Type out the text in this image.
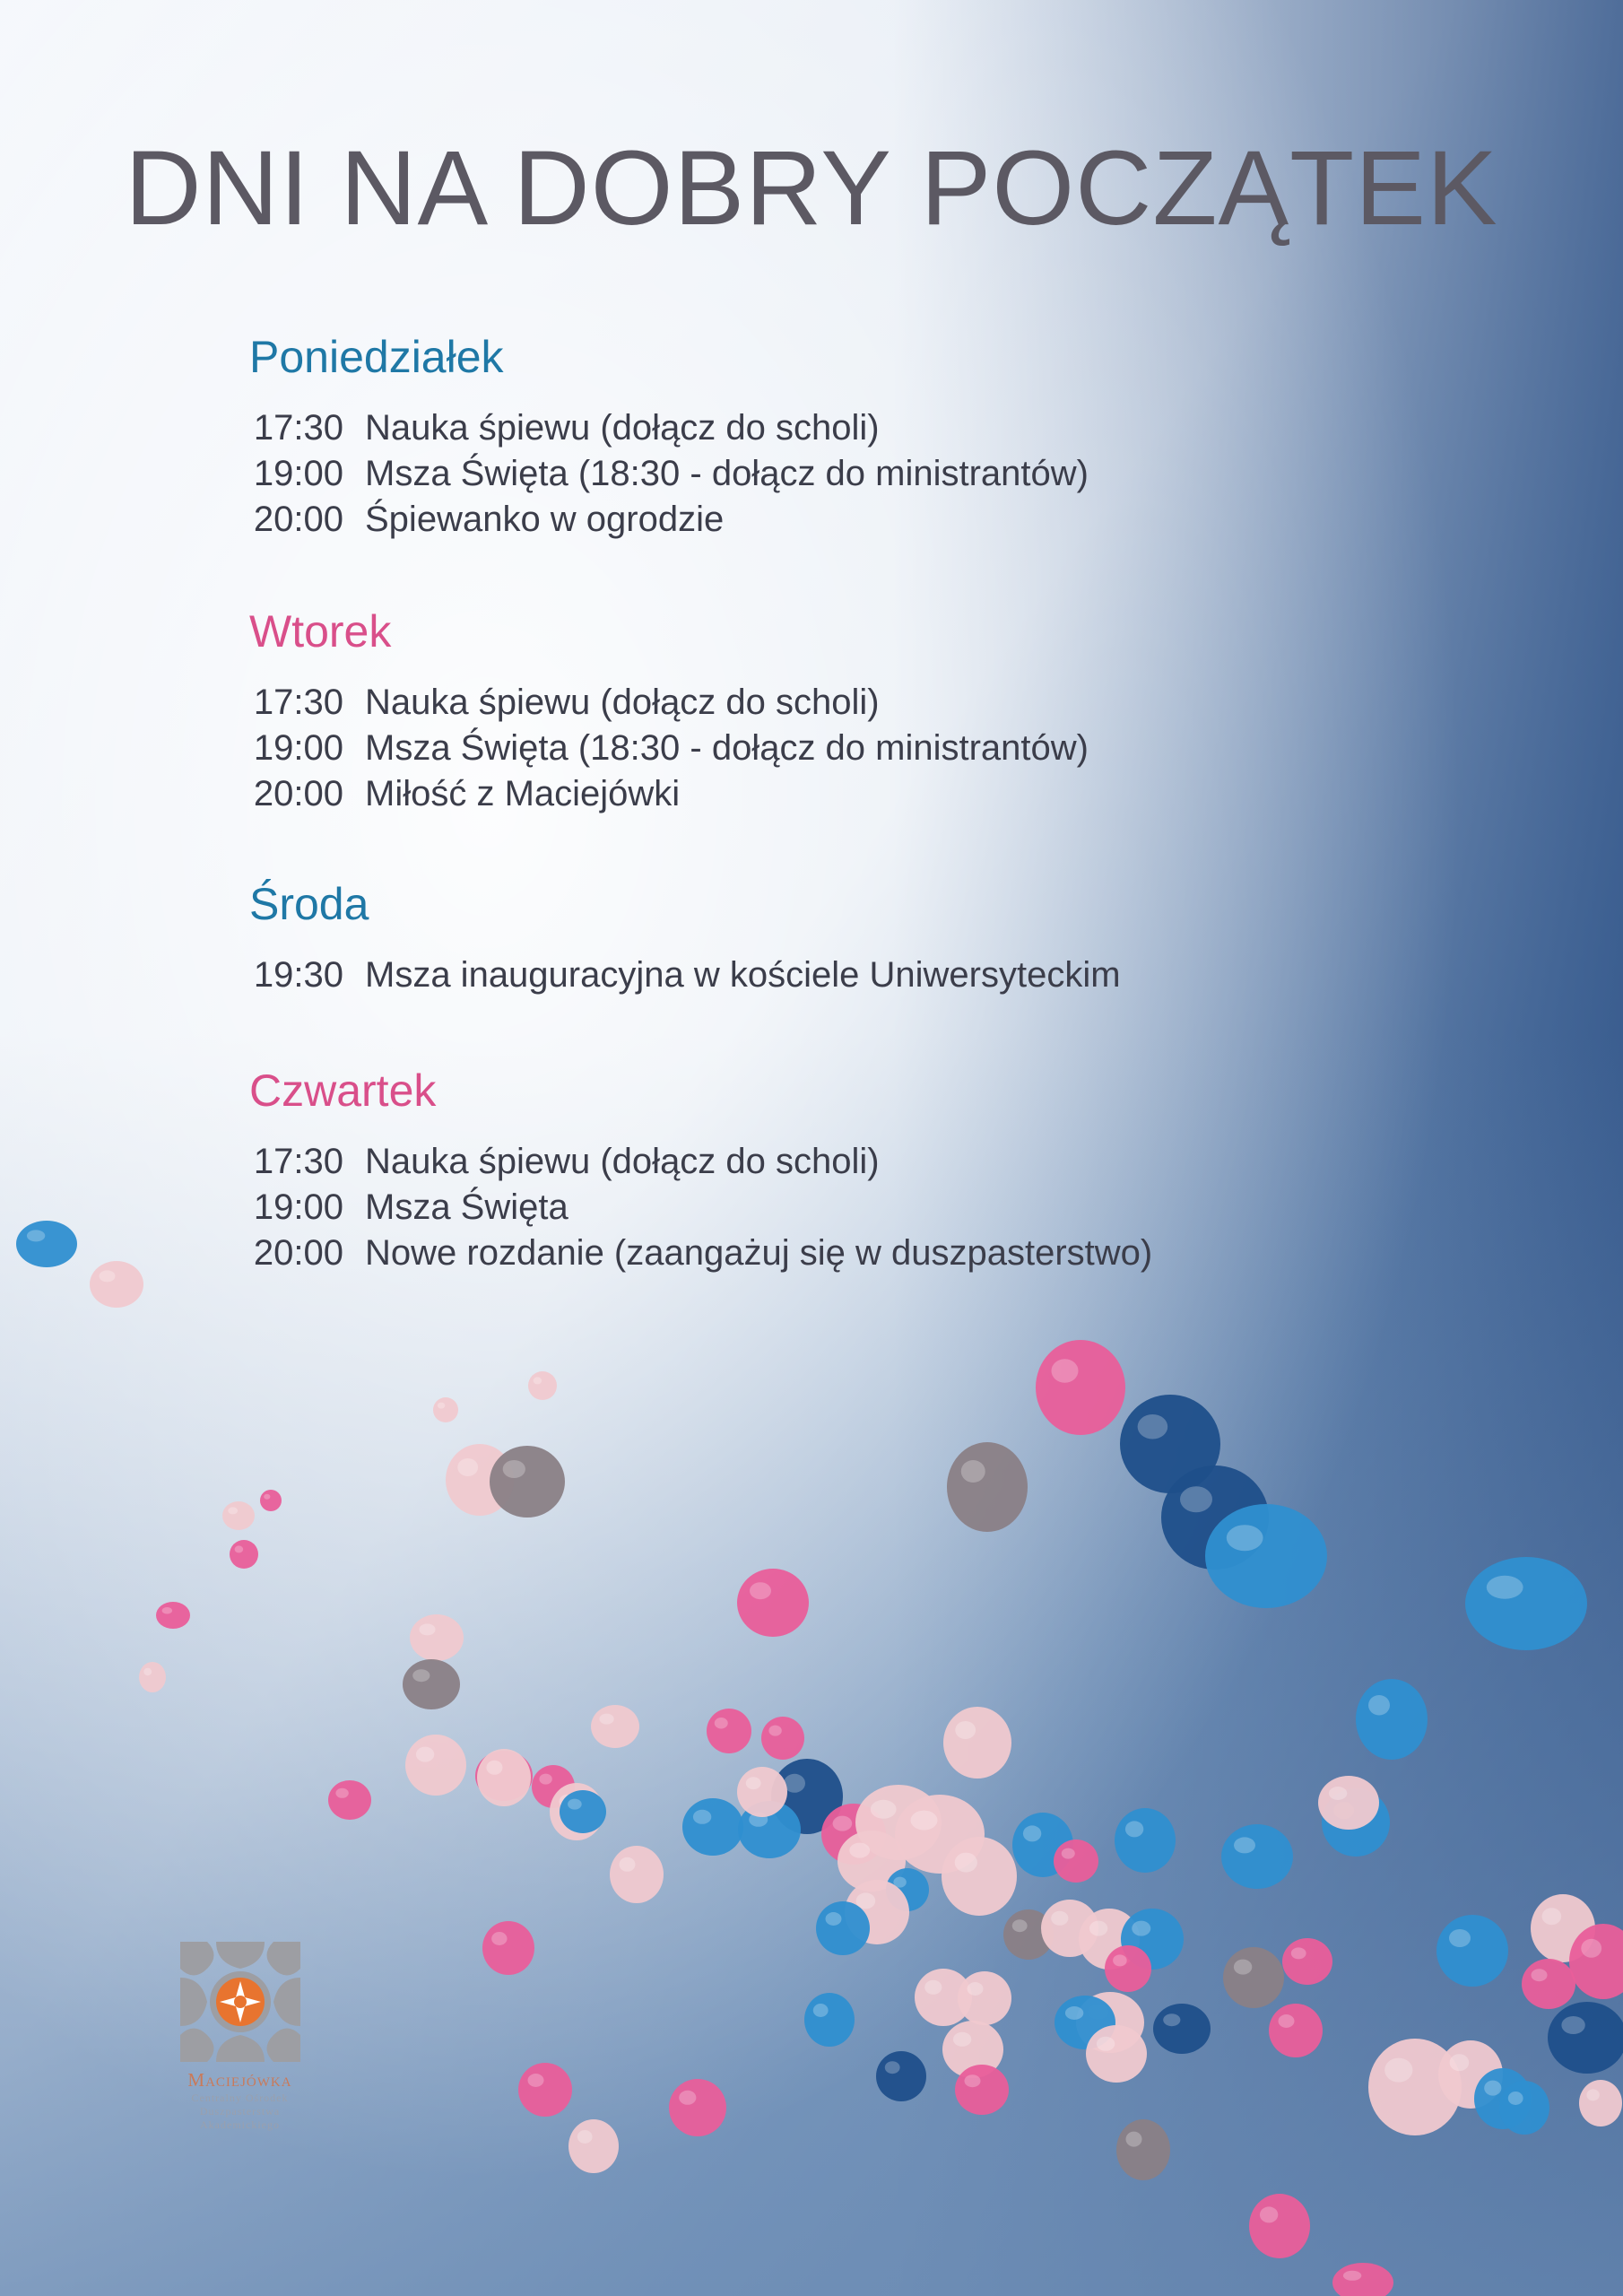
DNI NA DOBRY POCZĄTEK
Poniedziałek
17:30 Nauka śpiewu (dołącz do scholi)
19:00 Msza Święta (18:30 - dołącz do ministrantów)
20:00 Śpiewanko w ogrodzie
Wtorek
17:30 Nauka śpiewu (dołącz do scholi)
19:00 Msza Święta (18:30 - dołącz do ministrantów)
20:00 Miłość z Maciejówki
Środa
19:30 Msza inauguracyjna w kościele Uniwersyteckim
Czwartek
17:30 Nauka śpiewu (dołącz do scholi)
19:00 Msza Święta
20:00 Nowe rozdanie (zaangażuj się w duszpasterstwo)
Maciejówka
Centralny Ośrodek
Duszpasterstwa
Akademickiego
